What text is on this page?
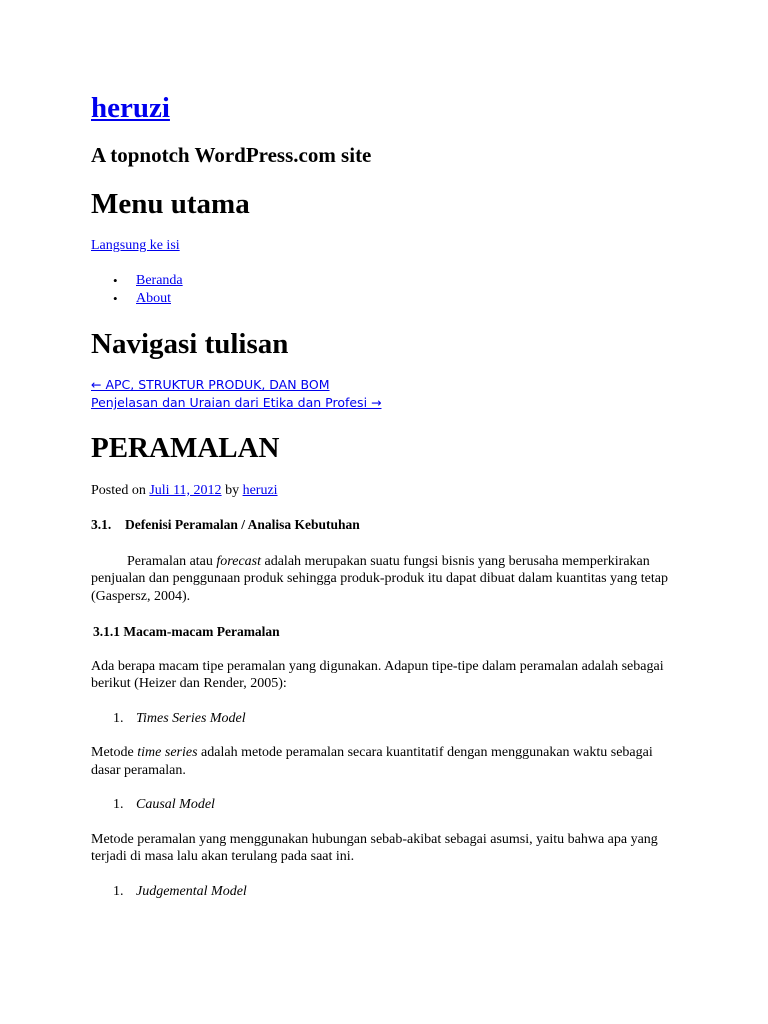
heruzi
A topnotch WordPress.com site
Menu utama
Langsung ke isi
• Beranda
• About
Navigasi tulisan
← APC, STRUKTUR PRODUK, DAN BOM
Penjelasan dan Uraian dari Etika dan Profesi →
PERAMALAN
Posted on Juli 11, 2012 by heruzi

3.1. Defenisi Peramalan / Analisa Kebutuhan

Peramalan atau forecast adalah merupakan suatu fungsi bisnis yang berusaha memperkirakan penjualan dan penggunaan produk sehingga produk-produk itu dapat dibuat dalam kuantitas yang tetap (Gaspersz, 2004).

3.1.1 Macam-macam Peramalan

Ada berapa macam tipe peramalan yang digunakan. Adapun tipe-tipe dalam peramalan adalah sebagai berikut (Heizer dan Render, 2005):

1. Times Series Model

Metode time series adalah metode peramalan secara kuantitatif dengan menggunakan waktu sebagai dasar peramalan.

1. Causal Model

Metode peramalan yang menggunakan hubungan sebab-akibat sebagai asumsi, yaitu bahwa apa yang terjadi di masa lalu akan terulang pada saat ini.

1. Judgemental Model
